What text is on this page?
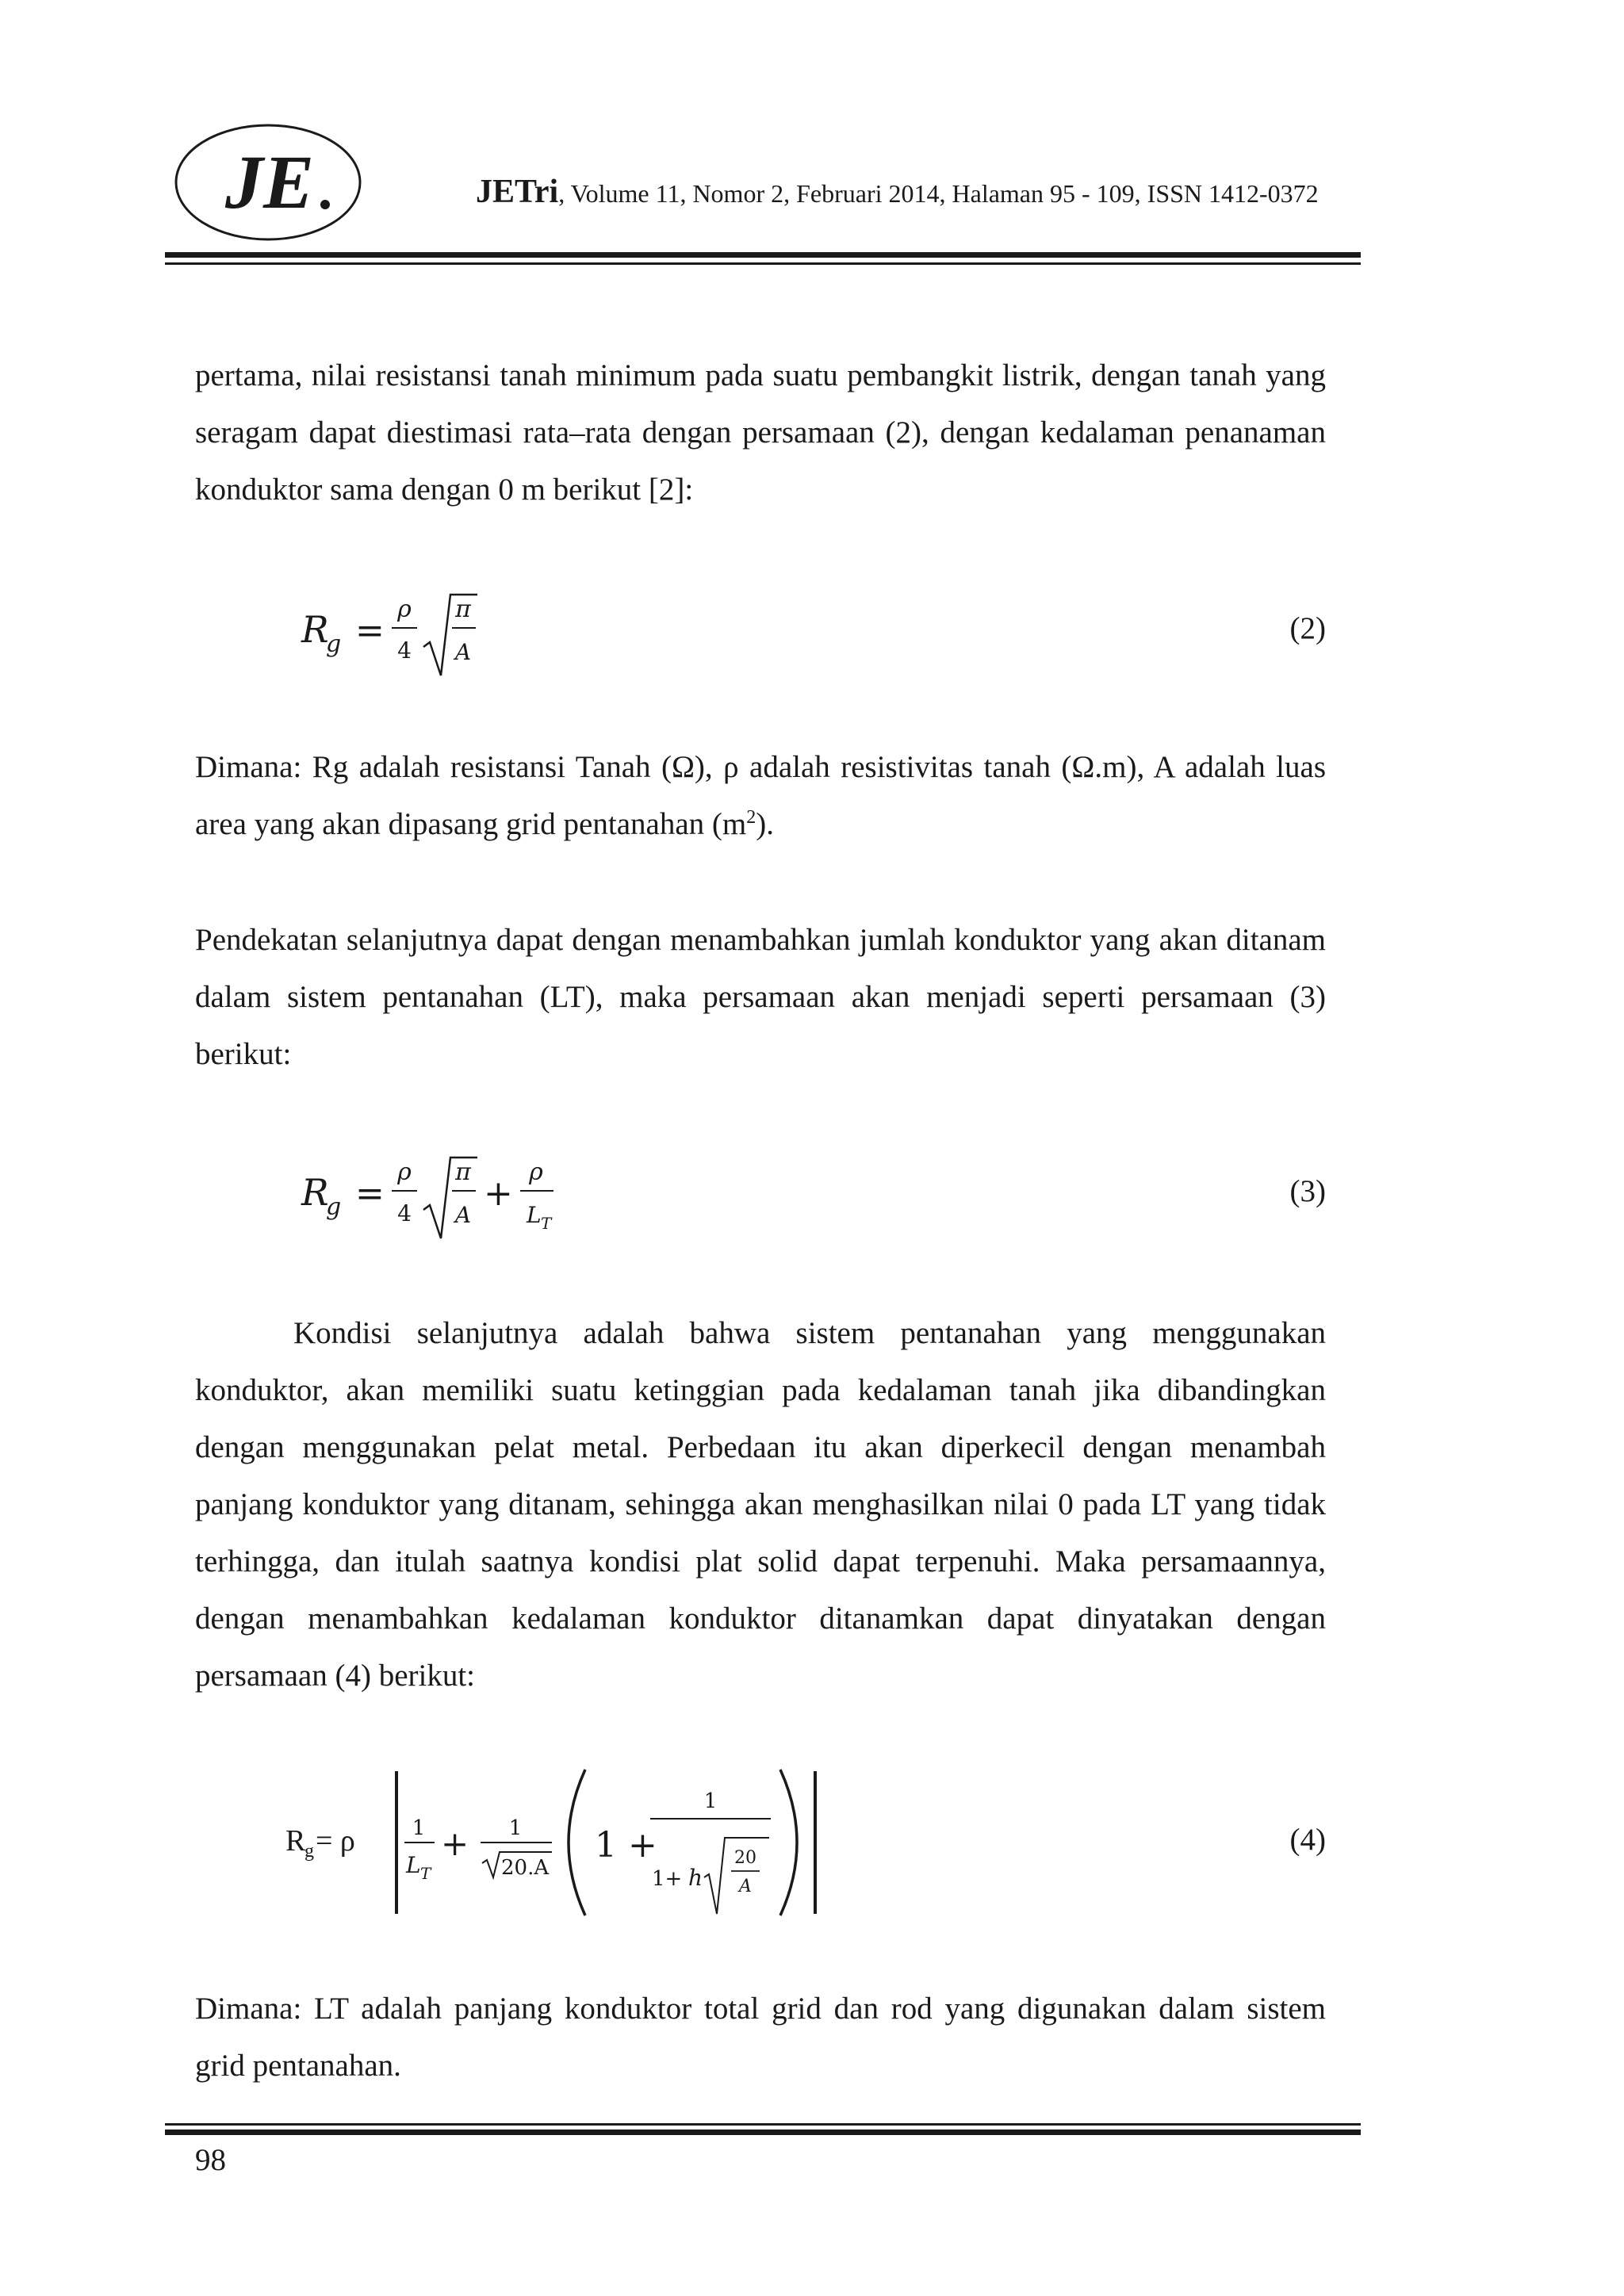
JE	JETri, Volume 11, Nomor 2, Februari 2014, Halaman 95 - 109, ISSN 1412-0372

pertama, nilai resistansi tanah minimum pada suatu pembangkit listrik, dengan tanah yang seragam dapat diestimasi rata–rata dengan persamaan (2), dengan kedalaman penanaman konduktor sama dengan 0 m berikut [2]:

R
g =
ρ
4
π
A
(2)

Dimana: Rg adalah resistansi Tanah (Ω), ρ adalah resistivitas tanah (Ω.m), A adalah luas area yang akan dipasang grid pentanahan $(m^2)$.

Pendekatan selanjutnya dapat dengan menambahkan jumlah konduktor yang akan ditanam dalam sistem pentanahan (LT), maka persamaan akan menjadi seperti persamaan (3) berikut:

R
g =
ρ
4
π
A
+
ρ
L T
(3)

Kondisi selanjutnya adalah bahwa sistem pentanahan yang menggunakan konduktor, akan memiliki suatu ketinggian pada kedalaman tanah jika dibandingkan dengan menggunakan pelat metal. Perbedaan itu akan diperkecil dengan menambah panjang konduktor yang ditanam, sehingga akan menghasilkan nilai 0 pada LT yang tidak terhingga, dan itulah saatnya kondisi plat solid dapat terpenuhi. Maka persamaannya, dengan menambahkan kedalaman konduktor ditanamkan dapat dinyatakan dengan persamaan (4) berikut:

R
g = ρ	1
L T
+ 1
20.A
1 +
1
1+ h
20
A
(4)

Dimana: LT adalah panjang konduktor total grid dan rod yang digunakan dalam sistem grid pentanahan.

98
